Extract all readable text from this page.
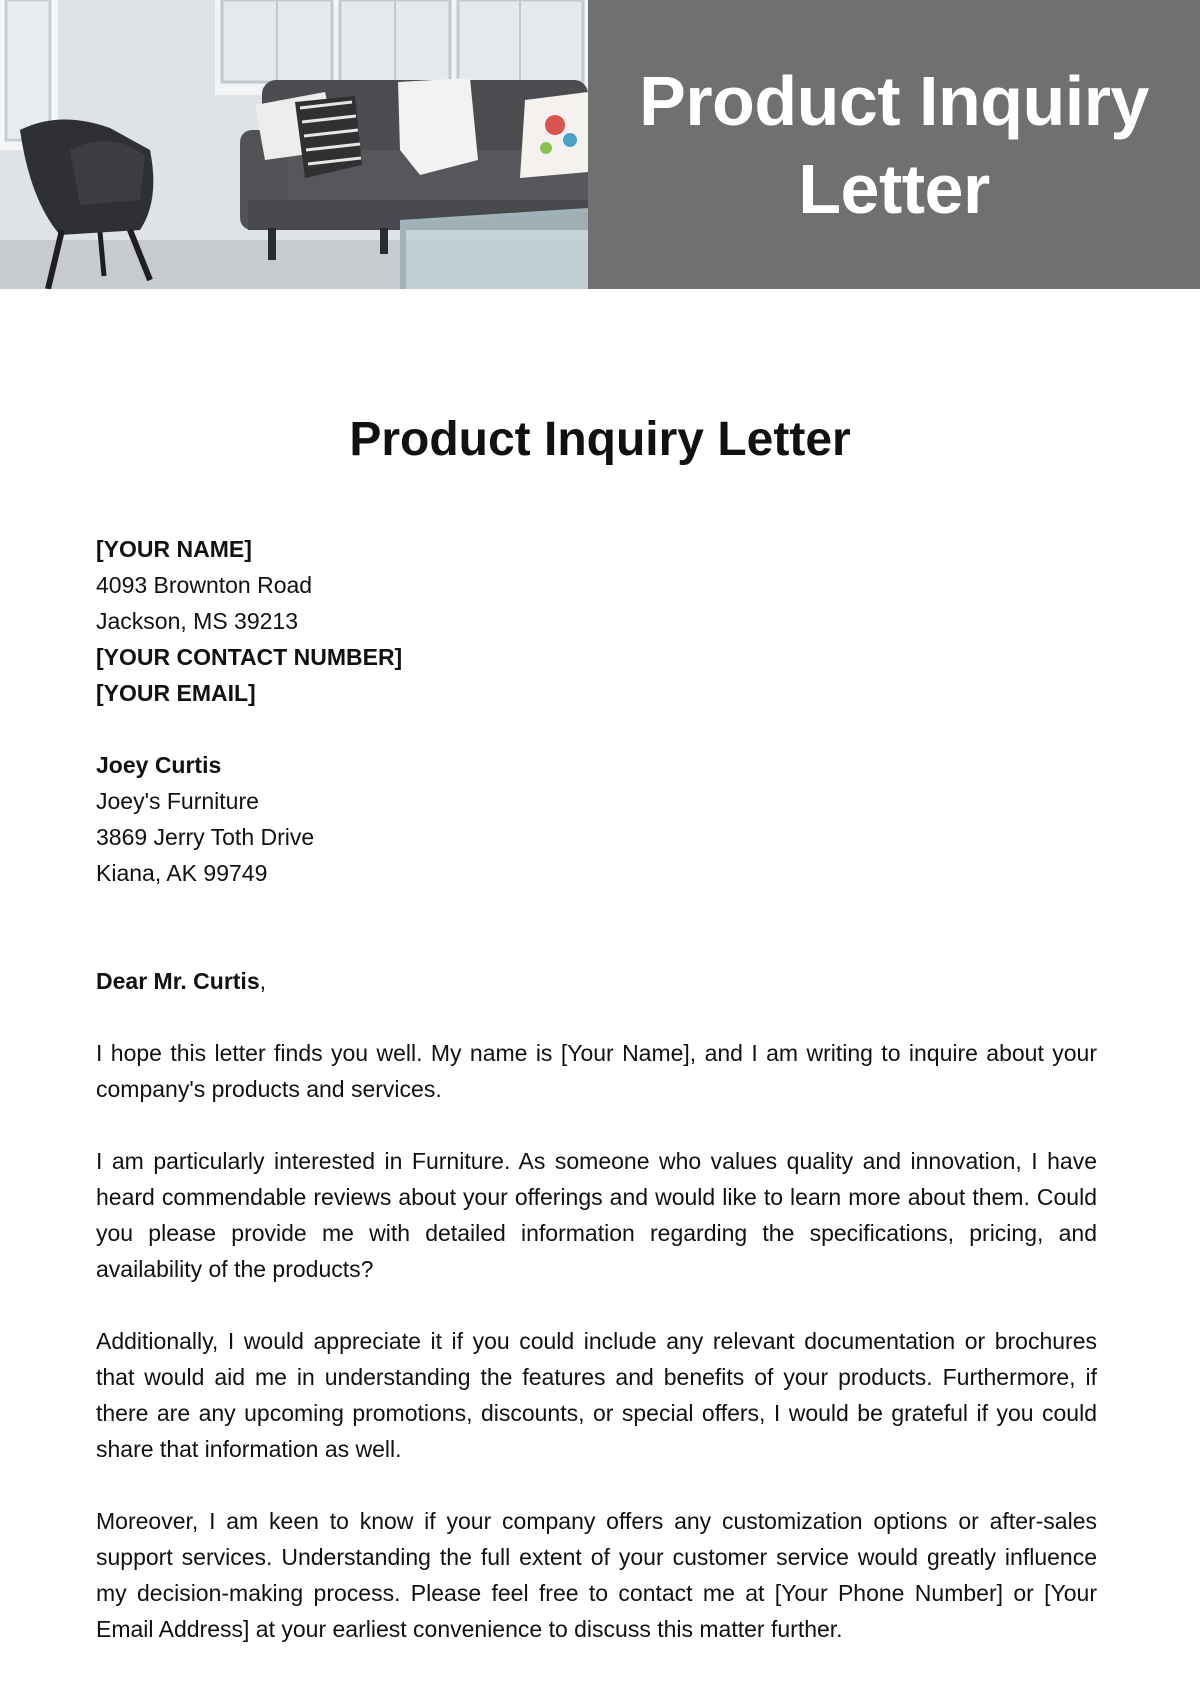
Product Inquiry
Letter
Product Inquiry Letter
[YOUR NAME]
4093 Brownton Road
Jackson, MS 39213
[YOUR CONTACT NUMBER]
[YOUR EMAIL]
Joey Curtis
Joey's Furniture
3869 Jerry Toth Drive
Kiana, AK 99749
Dear Mr. Curtis,

I hope this letter finds you well. My name is [Your Name], and I am writing to inquire about your company's products and services.

I am particularly interested in Furniture. As someone who values quality and innovation, I have heard commendable reviews about your offerings and would like to learn more about them. Could you please provide me with detailed information regarding the specifications, pricing, and availability of the products?

Additionally, I would appreciate it if you could include any relevant documentation or brochures that would aid me in understanding the features and benefits of your products. Furthermore, if there are any upcoming promotions, discounts, or special offers, I would be grateful if you could share that information as well.

Moreover, I am keen to know if your company offers any customization options or after-sales support services. Understanding the full extent of your customer service would greatly influence my decision-making process. Please feel free to contact me at [Your Phone Number] or [Your Email Address] at your earliest convenience to discuss this matter further.
